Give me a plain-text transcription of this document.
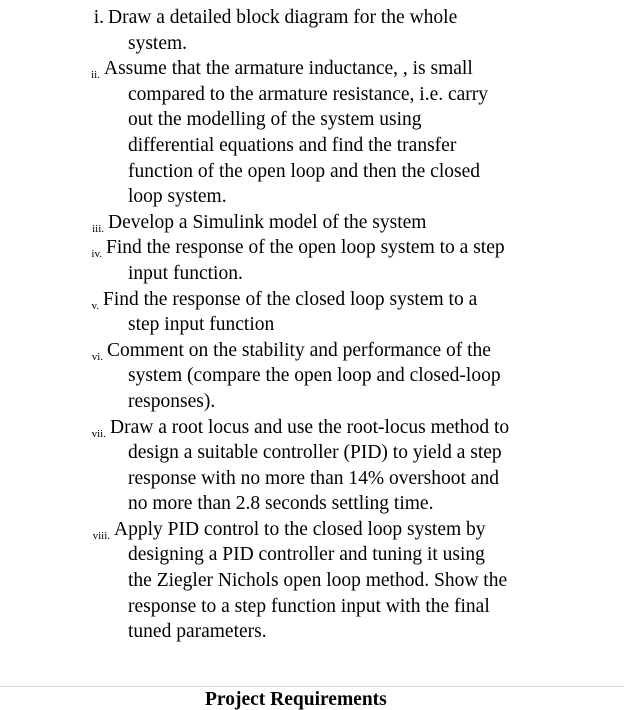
i. Draw a detailed block diagram for the whole
system.
ii. Assume that the armature inductance, , is small
compared to the armature resistance, i.e. carry
out the modelling of the system using
differential equations and find the transfer
function of the open loop and then the closed
loop system.
iii. Develop a Simulink model of the system
iv. Find the response of the open loop system to a step
input function.
v. Find the response of the closed loop system to a
step input function
vi. Comment on the stability and performance of the
system (compare the open loop and closed-loop
responses).
vii. Draw a root locus and use the root-locus method to
design a suitable controller (PID) to yield a step
response with no more than 14% overshoot and
no more than 2.8 seconds settling time.
viii. Apply PID control to the closed loop system by
designing a PID controller and tuning it using
the Ziegler Nichols open loop method. Show the
response to a step function input with the final
tuned parameters.
Project Requirements
